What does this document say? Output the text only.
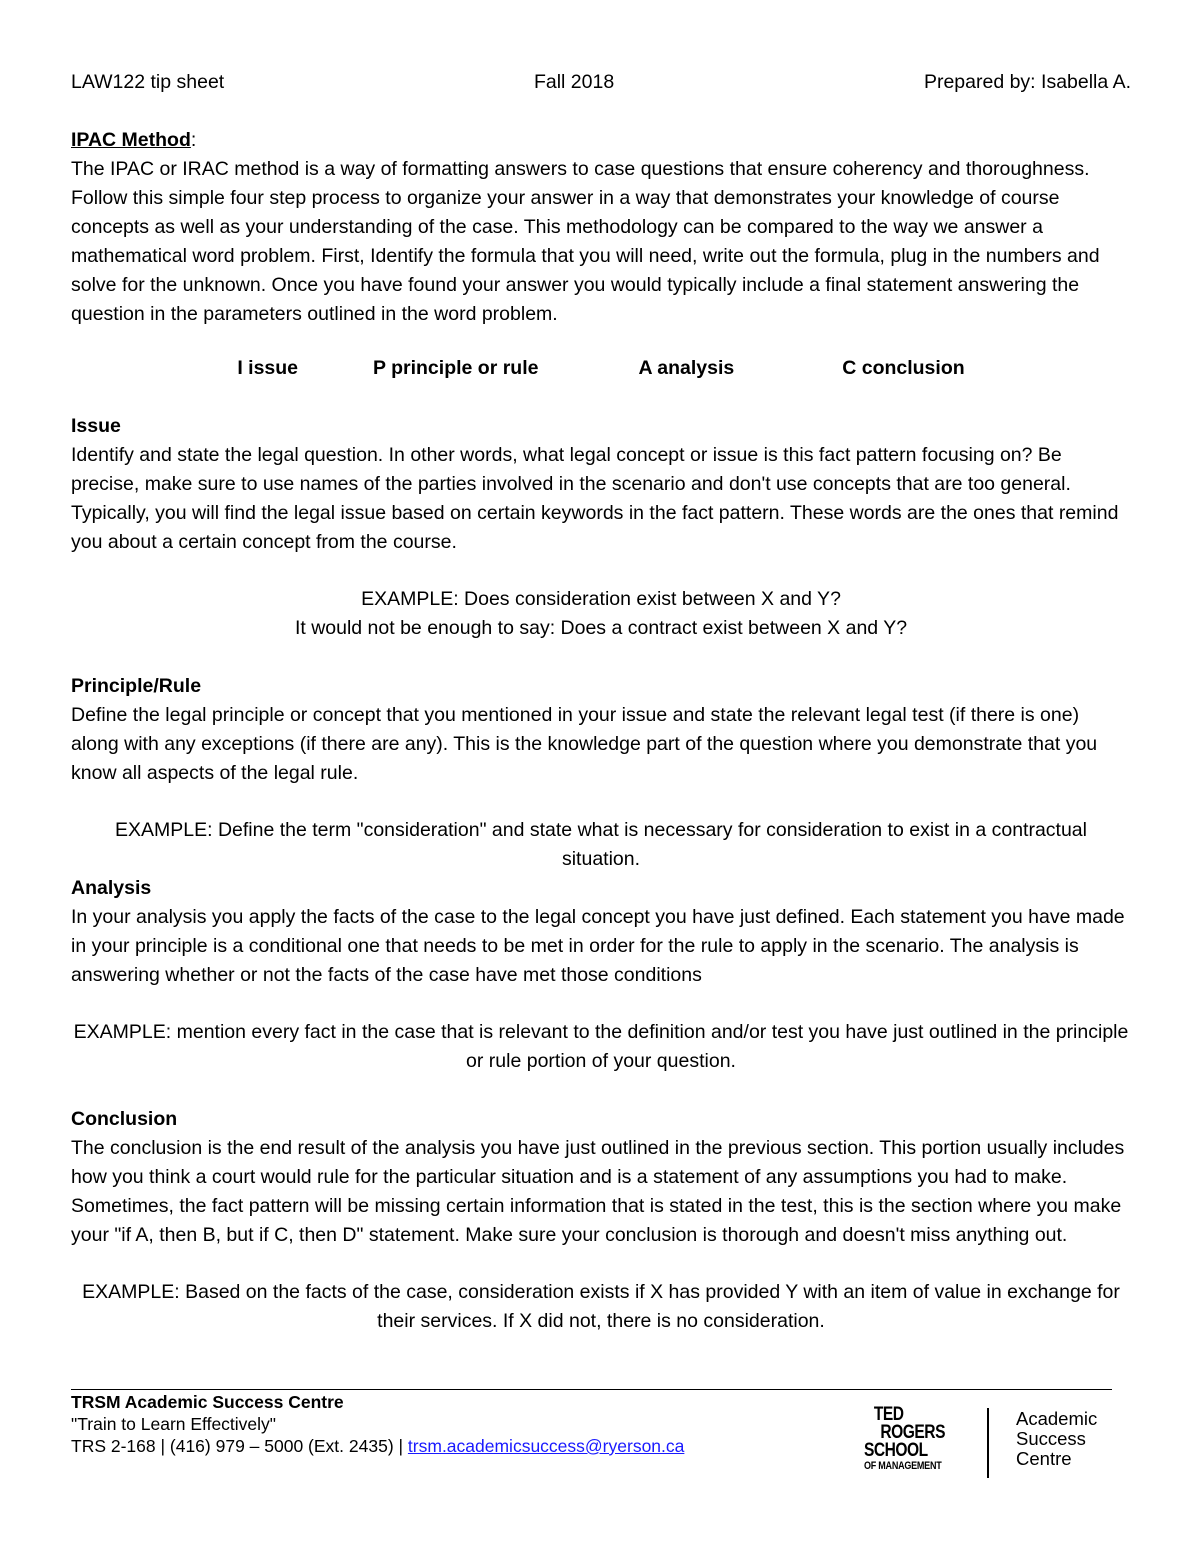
LAW122 tip sheet	Fall 2018	Prepared by: Isabella A.
IPAC Method:

The IPAC or IRAC method is a way of formatting answers to case questions that ensure coherency and thoroughness. Follow this simple four step process to organize your answer in a way that demonstrates your knowledge of course concepts as well as your understanding of the case. This methodology can be compared to the way we answer a mathematical word problem. First, Identify the formula that you will need, write out the formula, plug in the numbers and solve for the unknown. Once you have found your answer you would typically include a final statement answering the question in the parameters outlined in the word problem.

I issue	P principle or rule	A analysis	C conclusion
Issue

Identify and state the legal question. In other words, what legal concept or issue is this fact pattern focusing on? Be precise, make sure to use names of the parties involved in the scenario and don't use concepts that are too general. Typically, you will find the legal issue based on certain keywords in the fact pattern. These words are the ones that remind you about a certain concept from the course.

EXAMPLE: Does consideration exist between X and Y?
It would not be enough to say: Does a contract exist between X and Y?
Principle/Rule

Define the legal principle or concept that you mentioned in your issue and state the relevant legal test (if there is one) along with any exceptions (if there are any). This is the knowledge part of the question where you demonstrate that you know all aspects of the legal rule.

EXAMPLE: Define the term "consideration" and state what is necessary for consideration to exist in a contractual situation.
Analysis

In your analysis you apply the facts of the case to the legal concept you have just defined. Each statement you have made in your principle is a conditional one that needs to be met in order for the rule to apply in the scenario. The analysis is answering whether or not the facts of the case have met those conditions

EXAMPLE: mention every fact in the case that is relevant to the definition and/or test you have just outlined in the principle or rule portion of your question.
Conclusion

The conclusion is the end result of the analysis you have just outlined in the previous section. This portion usually includes how you think a court would rule for the particular situation and is a statement of any assumptions you had to make. Sometimes, the fact pattern will be missing certain information that is stated in the test, this is the section where you make your "if A, then B, but if C, then D" statement. Make sure your conclusion is thorough and doesn't miss anything out.

EXAMPLE: Based on the facts of the case, consideration exists if X has provided Y with an item of value in exchange for their services. If X did not, there is no consideration.
TRSM Academic Success Centre
"Train to Learn Effectively"
TRS 2-168 | (416) 979 – 5000 (Ext. 2435) | trsm.academicsuccess@ryerson.ca
TED
ROGERS
SCHOOL
OF MANAGEMENT
Academic
Success
Centre
